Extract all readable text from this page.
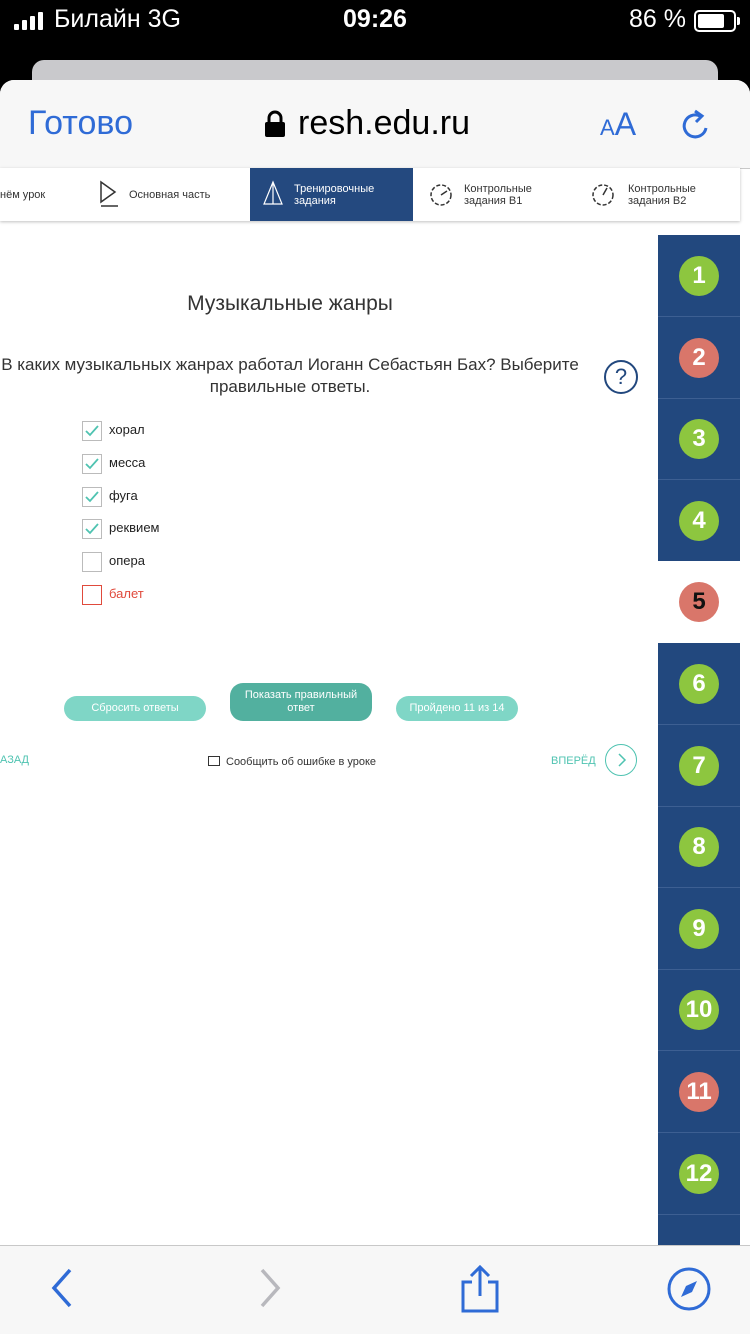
Билайн 3G	09:26	86 %
Готово	resh.edu.ru	AA
нём урок	Основная часть	Тренировочные задания
Контрольные задания В1
Контрольные задания В2
1
2
3
4
5
6
7
8
9
10
11
12
Музыкальные жанры
В каких музыкальных жанрах работал Иоганн Себастьян Бах? Выберите правильные ответы.	?
хорал
месса
фуга
реквием
опера
балет
Сбросить ответы
Показать правильный ответ	Пройдено 11 из 14
АЗАД	Сообщить об ошибке в уроке	ВПЕРЁД
